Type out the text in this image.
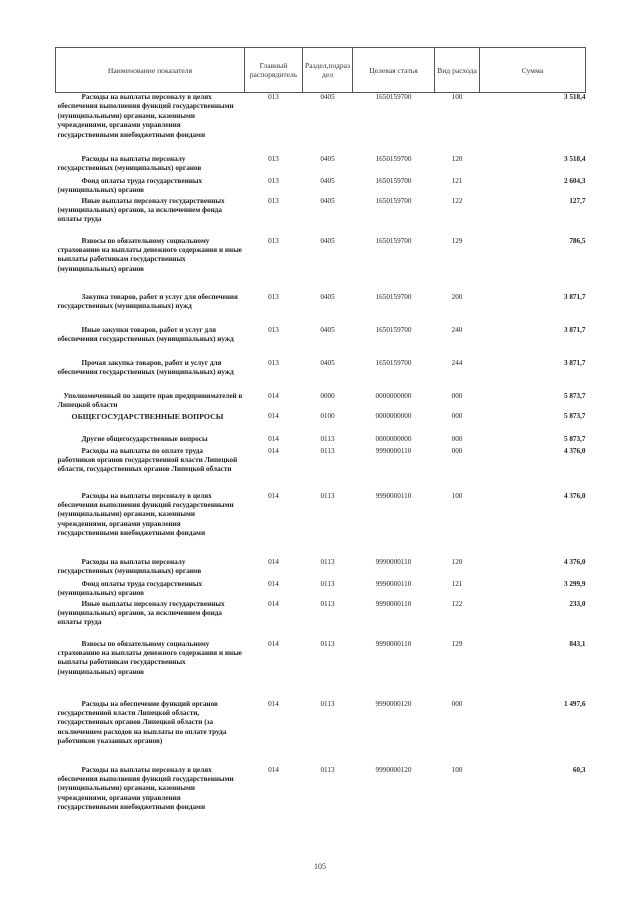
Наименование показателя	Главный распорядитель	Раздел,подраз дел	Целевая статья	Вид расхода	Сумма
Расходы на выплаты персоналу в целях обеспечения выполнения функций государственными (муниципальными) органами, казенными учреждениями, органами управления государственными внебюджетными фондами	013	0405	1650159700	100	3 518,4
Расходы на выплаты персоналу государственных (муниципальных) органов	013	0405	1650159700	120	3 518,4
Фонд оплаты труда государственных (муниципальных) органов	013	0405	1650159700	121	2 604,3
Иные выплаты персоналу государственных (муниципальных) органов, за исключением фонда оплаты труда	013	0405	1650159700	122	127,7
Взносы по обязательному социальному страхованию на выплаты денежного содержания и иные выплаты работникам государственных (муниципальных) органов	013	0405	1650159700	129	786,5
Закупка товаров, работ и услуг для обеспечения государственных (муниципальных) нужд	013	0405	1650159700	200	3 871,7
Иные закупки товаров, работ и услуг для обеспечения государственных (муниципальных) нужд	013	0405	1650159700	240	3 871,7
Прочая закупка товаров, работ и услуг для обеспечения государственных (муниципальных) нужд	013	0405	1650159700	244	3 871,7
Уполномоченный по защите прав предпринимателей в Липецкой области	014	0000	0000000000	000	5 873,7
ОБЩЕГОСУДАРСТВЕННЫЕ ВОПРОСЫ	014	0100	0000000000	000	5 873,7
Другие общегосударственные вопросы	014	0113	0000000000	000	5 873,7
Расходы на выплаты по оплате труда работников органов государственной власти Липецкой области, государственных органов Липецкой области	014	0113	9990000110	000	4 376,0
Расходы на выплаты персоналу в целях обеспечения выполнения функций государственными (муниципальными) органами, казенными учреждениями, органами управления государственными внебюджетными фондами	014	0113	9990000110	100	4 376,0
Расходы на выплаты персоналу государственных (муниципальных) органов	014	0113	9990000110	120	4 376,0
Фонд оплаты труда государственных (муниципальных) органов	014	0113	9990000110	121	3 299,9
Иные выплаты персоналу государственных (муниципальных) органов, за исключением фонда оплаты труда	014	0113	9990000110	122	233,0
Взносы по обязательному социальному страхованию на выплаты денежного содержания и иные выплаты работникам государственных (муниципальных) органов	014	0113	9990000110	129	843,1
Расходы на обеспечение функций органов государственной власти Липецкой области, государственных органов Липецкой области (за исключением расходов на выплаты по оплате труда работников указанных органов)	014	0113	9990000120	000	1 497,6
Расходы на выплаты персоналу в целях обеспечения выполнения функций государственными (муниципальными) органами, казенными учреждениями, органами управления государственными внебюджетными фондами	014	0113	9990000120	100	60,3
105
